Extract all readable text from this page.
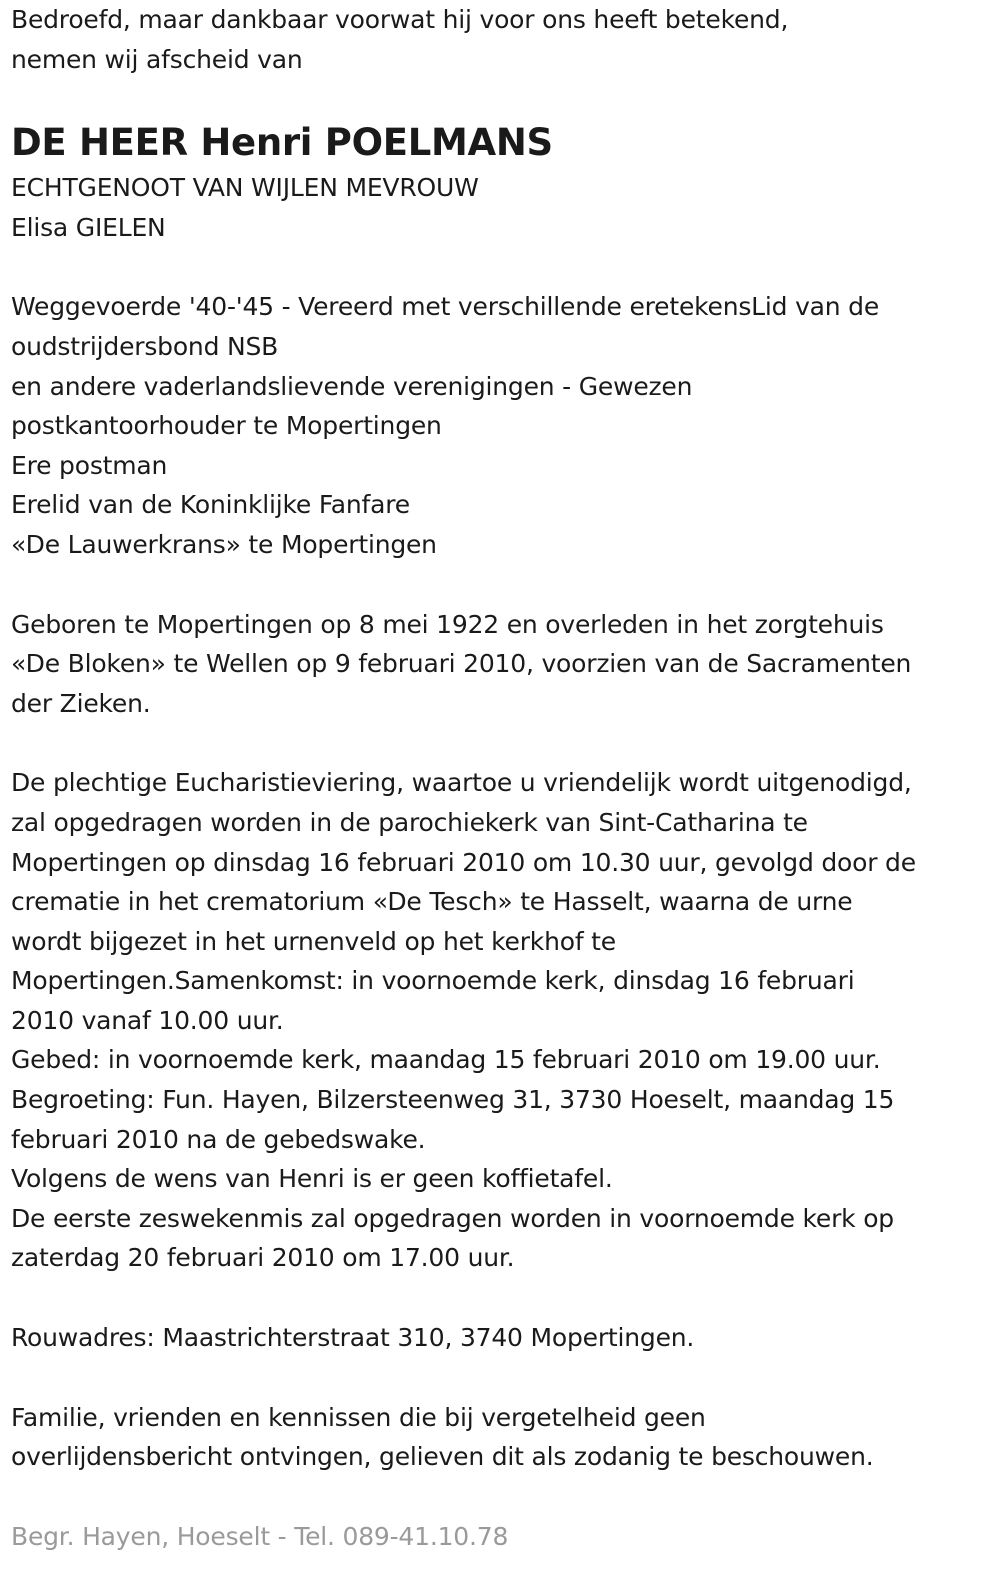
Bedroefd, maar dankbaar voorwat hij voor ons heeft betekend,
nemen wij afscheid van
DE HEER Henri POELMANS
ECHTGENOOT VAN WIJLEN MEVROUW
Elisa GIELEN
Weggevoerde '40-'45 - Vereerd met verschillende eretekensLid van de
oudstrijdersbond NSB
en andere vaderlandslievende verenigingen - Gewezen
postkantoorhouder te Mopertingen
Ere postman
Erelid van de Koninklijke Fanfare
«De Lauwerkrans» te Mopertingen
Geboren te Mopertingen op 8 mei 1922 en overleden in het zorgtehuis
«De Bloken» te Wellen op 9 februari 2010, voorzien van de Sacramenten
der Zieken.
De plechtige Eucharistieviering, waartoe u vriendelijk wordt uitgenodigd,
zal opgedragen worden in de parochiekerk van Sint-Catharina te
Mopertingen op dinsdag 16 februari 2010 om 10.30 uur, gevolgd door de
crematie in het crematorium «De Tesch» te Hasselt, waarna de urne
wordt bijgezet in het urnenveld op het kerkhof te
Mopertingen.Samenkomst: in voornoemde kerk, dinsdag 16 februari
2010 vanaf 10.00 uur.
Gebed: in voornoemde kerk, maandag 15 februari 2010 om 19.00 uur.
Begroeting: Fun. Hayen, Bilzersteenweg 31, 3730 Hoeselt, maandag 15
februari 2010 na de gebedswake.
Volgens de wens van Henri is er geen koffietafel.
De eerste zeswekenmis zal opgedragen worden in voornoemde kerk op
zaterdag 20 februari 2010 om 17.00 uur.
Rouwadres: Maastrichterstraat 310, 3740 Mopertingen.
Familie, vrienden en kennissen die bij vergetelheid geen
overlijdensbericht ontvingen, gelieven dit als zodanig te beschouwen.
Begr. Hayen, Hoeselt - Tel. 089-41.10.78
